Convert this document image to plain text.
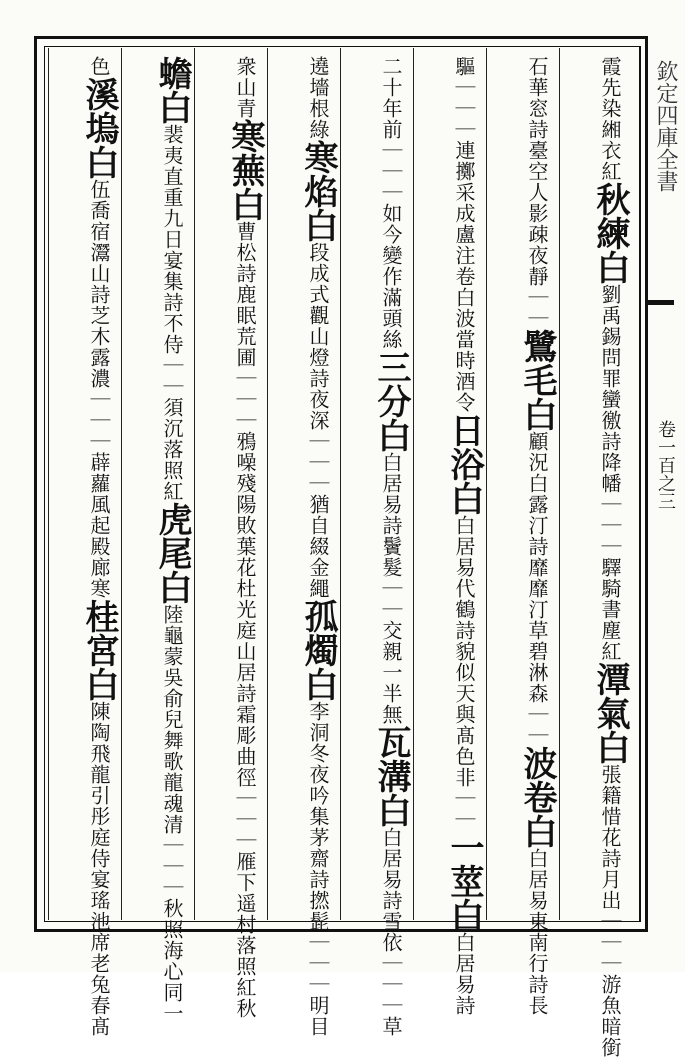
欽定四庫全書
卷一百之三
霞先染緗衣紅秋練白劉禹錫問罪蠻徼詩降幡｜｜｜驛騎書塵紅潭氣白張籍惜花詩月出｜｜｜游魚暗銜
石華窓詩臺空人影疎夜靜｜｜鷺毛白顧況白露汀詩靡靡汀草碧淋森｜｜波卷白白居易東南行詩長
驅｜｜｜連擲采成盧注卷白波當時酒令日浴白白居易代鶴詩貌似天與髙色非｜｜一莖白白居易詩
二十年前｜｜｜如今變作滿頭絲三分白白居易詩鬢髮｜｜交親一半無瓦溝白白居易詩雪依｜｜｜草
遶墻根綠寒焰白段成式觀山燈詩夜深｜｜｜猶自綴金繩孤燭白李洞冬夜吟集茅齋詩撚髭｜｜｜明目
衆山青寒蕪白曹松詩鹿眠荒圃｜｜｜鴉噪殘陽敗葉花杜光庭山居詩霜彫曲徑｜｜｜雁下遥村落照紅秋
蟾白裴夷直重九日宴集詩不侍｜｜須沉落照紅虎尾白陸龜蒙吳俞兒舞歌龍魂清｜｜｜秋照海心同一
色溪塢白伍喬宿灊山詩芝木露濃｜｜｜薜蘿風起殿廊寒桂宮白陳陶飛龍引彤庭侍宴瑤池席老兔春髙
